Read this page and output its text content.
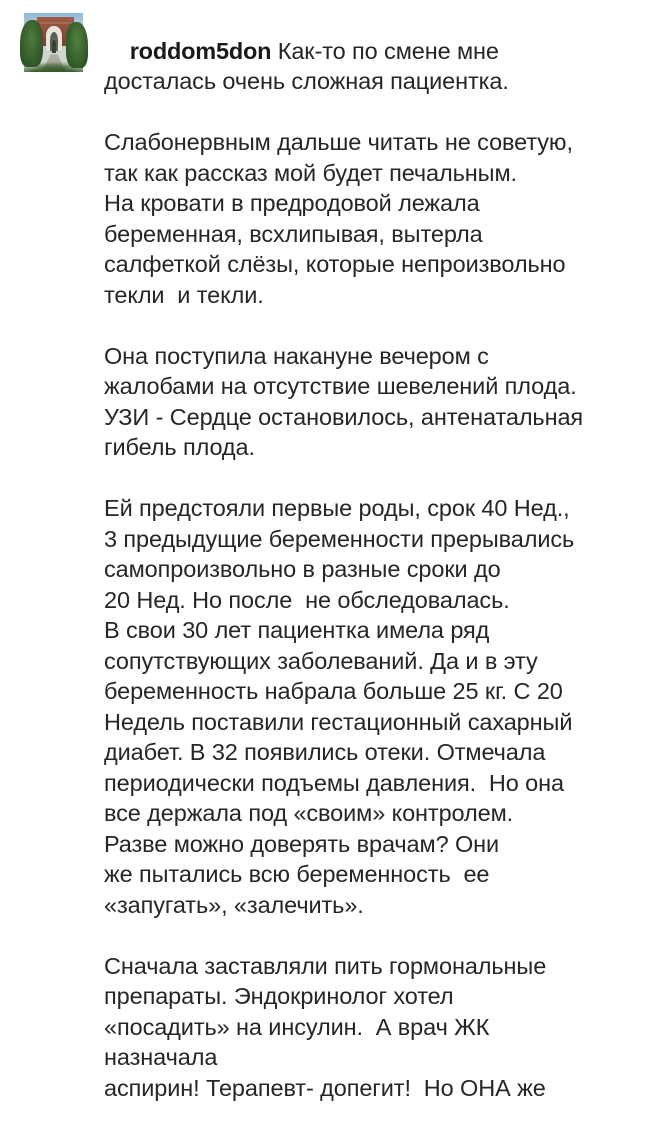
roddom5don Как-то по смене мне
досталась очень сложная пациентка.

Слабонервным дальше читать не советую,
так как рассказ мой будет печальным.
На кровати в предродовой лежала
беременная, всхлипывая, вытерла
салфеткой слёзы, которые непроизвольно
текли  и текли.

Она поступила накануне вечером с
жалобами на отсутствие шевелений плода.
УЗИ - Сердце остановилось, антенатальная
гибель плода.

Ей предстояли первые роды, срок 40 Нед.,
3 предыдущие беременности прерывались
самопроизвольно в разные сроки до
20 Нед. Но после  не обследовалась.
В свои 30 лет пациентка имела ряд
сопутствующих заболеваний. Да и в эту
беременность набрала больше 25 кг. С 20
Недель поставили гестационный сахарный
диабет. В 32 появились отеки. Отмечала
периодически подъемы давления.  Но она
все держала под «своим» контролем.
Разве можно доверять врачам? Они
же пытались всю беременность  ее
«запугать», «залечить».

Сначала заставляли пить гормональные
препараты. Эндокринолог хотел
«посадить» на инсулин.  А врач ЖК
назначала
аспирин! Терапевт- допегит!  Но ОНА же
